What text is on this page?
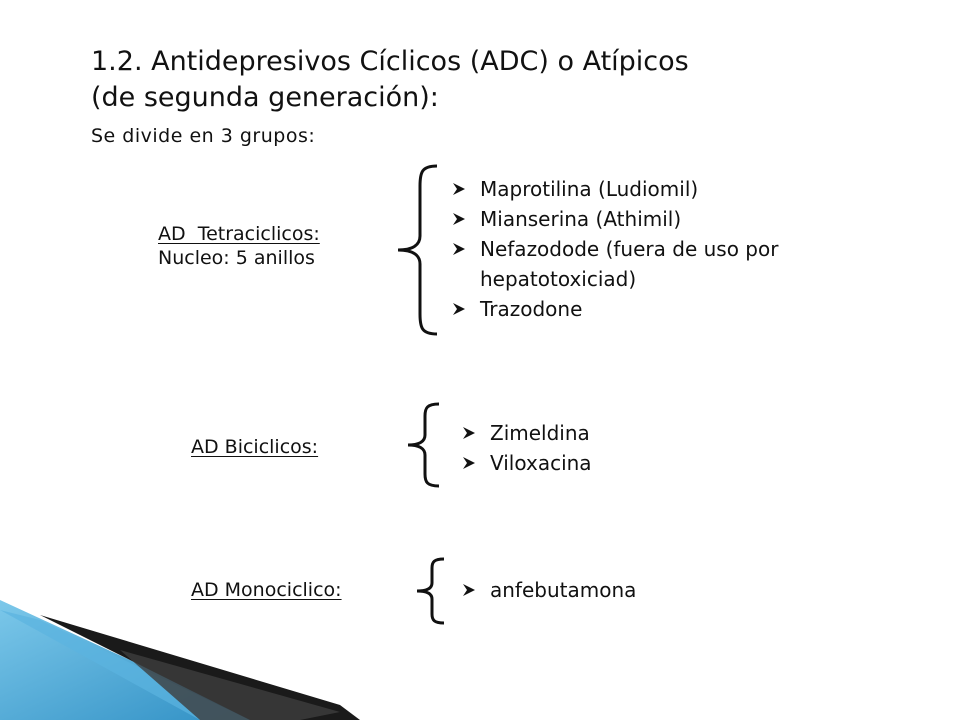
1.2. Antidepresivos Cíclicos (ADC) o Atípicos
(de segunda generación):
Se divide en 3 grupos:
AD  Tetraciclicos:
Nucleo: 5 anillos
Maprotilina (Ludiomil)
Mianserina (Athimil)
Nefazodode (fuera de uso por
hepatotoxiciad)
Trazodone
AD Biciclicos:
Zimeldina
Viloxacina
AD Monociclico:	anfebutamona
